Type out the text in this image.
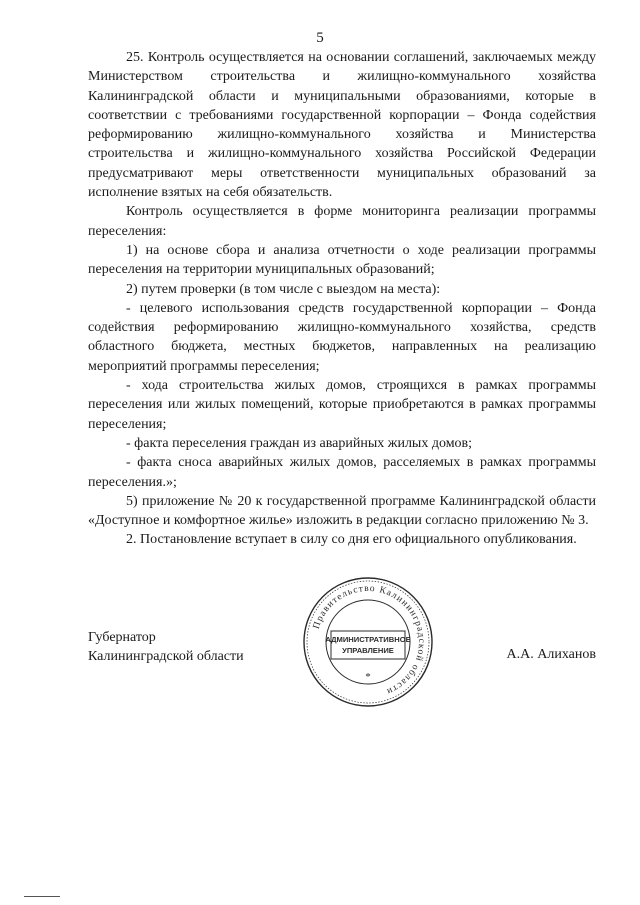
5

25. Контроль осуществляется на основании соглашений, заключаемых между Министерством строительства и жилищно-коммунального хозяйства Калининградской области и муниципальными образованиями, которые в соответствии с требованиями государственной корпорации – Фонда содействия реформированию жилищно-коммунального хозяйства и Министерства строительства и жилищно-коммунального хозяйства Российской Федерации предусматривают меры ответственности муниципальных образований за исполнение взятых на себя обязательств.

Контроль осуществляется в форме мониторинга реализации программы переселения:

1) на основе сбора и анализа отчетности о ходе реализации программы переселения на территории муниципальных образований;

2) путем проверки (в том числе с выездом на места):

- целевого использования средств государственной корпорации – Фонда содействия реформированию жилищно-коммунального хозяйства, средств областного бюджета, местных бюджетов, направленных на реализацию мероприятий программы переселения;

- хода строительства жилых домов, строящихся в рамках программы переселения или жилых помещений, которые приобретаются в рамках программы переселения;

- факта переселения граждан из аварийных жилых домов;

- факта сноса аварийных жилых домов, расселяемых в рамках программы переселения.»;

5) приложение № 20 к государственной программе Калининградской области «Доступное и комфортное жилье» изложить в редакции согласно приложению № 3.

2. Постановление вступает в силу со дня его официального опубликования.

Губернатор
Калининградской области	А.А. Алиханов
Правительство Калининградской области
АДМИНИСТРАТИВНОЕ
УПРАВЛЕНИЕ
*
